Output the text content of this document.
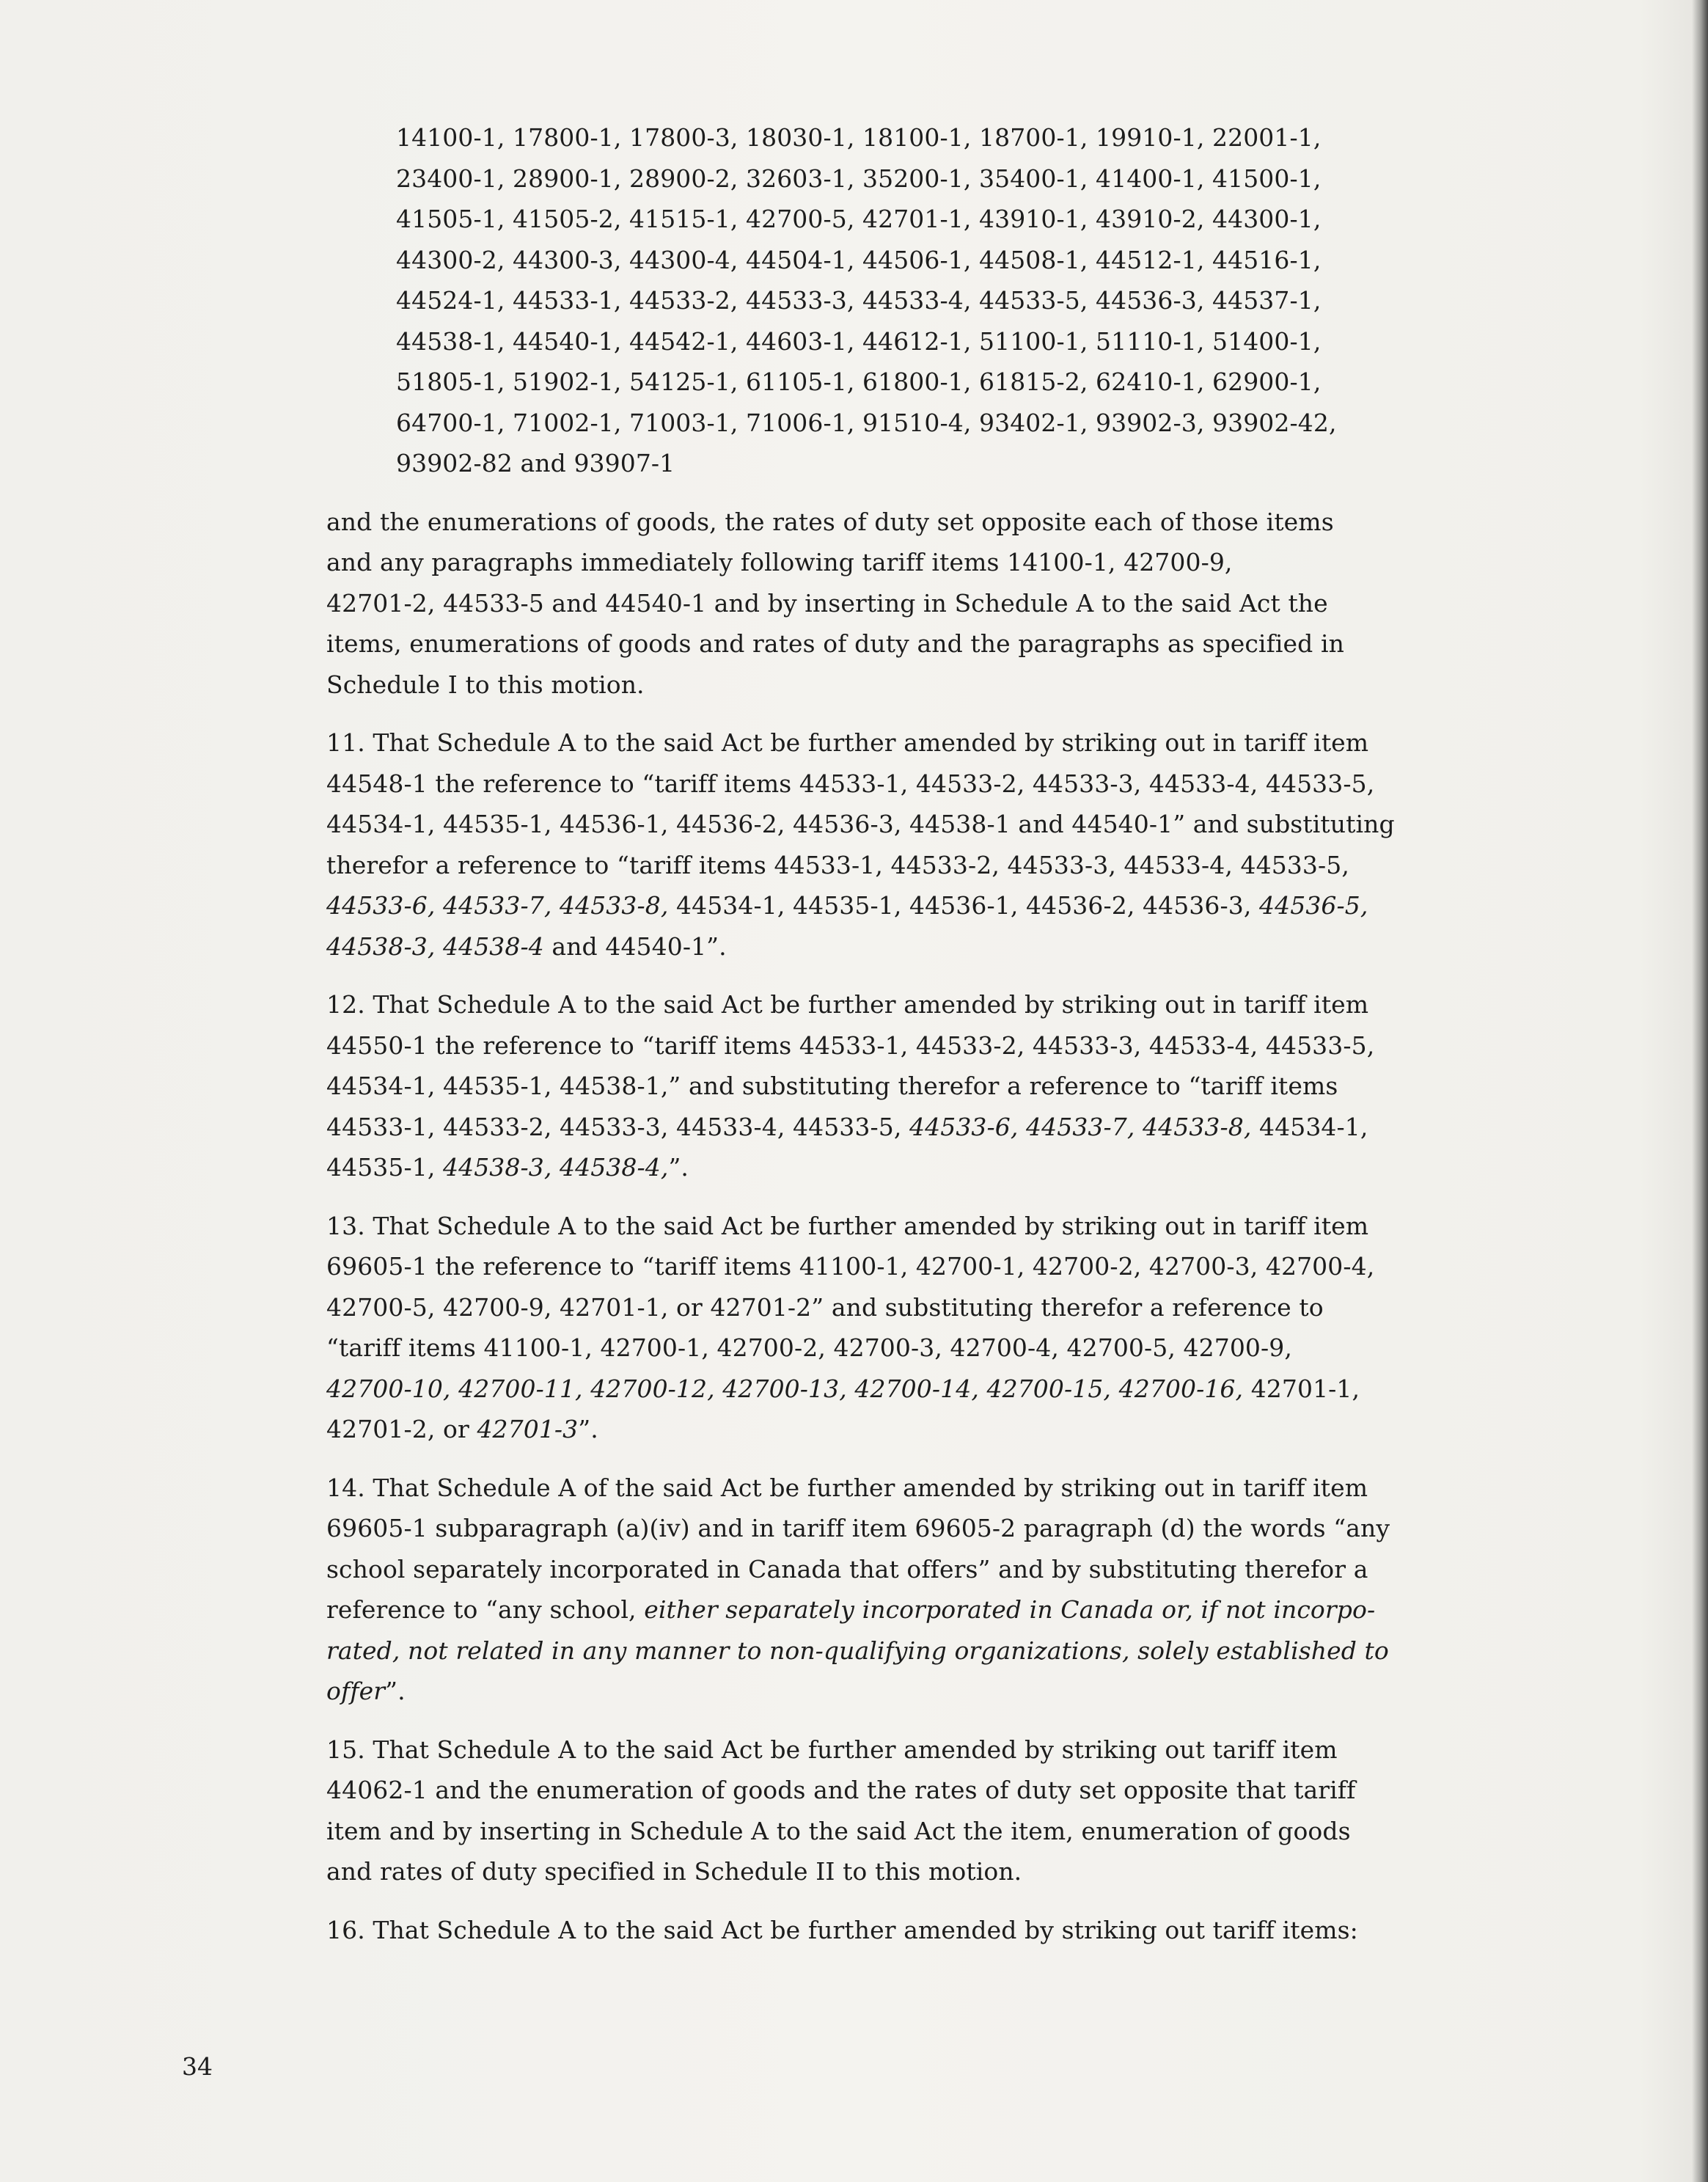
14100-1, 17800-1, 17800-3, 18030-1, 18100-1, 18700-1, 19910-1, 22001-1,
23400-1, 28900-1, 28900-2, 32603-1, 35200-1, 35400-1, 41400-1, 41500-1,
41505-1, 41505-2, 41515-1, 42700-5, 42701-1, 43910-1, 43910-2, 44300-1,
44300-2, 44300-3, 44300-4, 44504-1, 44506-1, 44508-1, 44512-1, 44516-1,
44524-1, 44533-1, 44533-2, 44533-3, 44533-4, 44533-5, 44536-3, 44537-1,
44538-1, 44540-1, 44542-1, 44603-1, 44612-1, 51100-1, 51110-1, 51400-1,
51805-1, 51902-1, 54125-1, 61105-1, 61800-1, 61815-2, 62410-1, 62900-1,
64700-1, 71002-1, 71003-1, 71006-1, 91510-4, 93402-1, 93902-3, 93902-42,
93902-82 and 93907-1
and the enumerations of goods, the rates of duty set opposite each of those items
and any paragraphs immediately following tariff items 14100-1, 42700-9,
42701-2, 44533-5 and 44540-1 and by inserting in Schedule A to the said Act the
items, enumerations of goods and rates of duty and the paragraphs as specified in
Schedule I to this motion.
11. That Schedule A to the said Act be further amended by striking out in tariff item
44548-1 the reference to “tariff items 44533-1, 44533-2, 44533-3, 44533-4, 44533-5,
44534-1, 44535-1, 44536-1, 44536-2, 44536-3, 44538-1 and 44540-1” and substituting
therefor a reference to “tariff items 44533-1, 44533-2, 44533-3, 44533-4, 44533-5,
44533-6, 44533-7, 44533-8, 44534-1, 44535-1, 44536-1, 44536-2, 44536-3, 44536-5,
44538-3, 44538-4 and 44540-1”.
12. That Schedule A to the said Act be further amended by striking out in tariff item
44550-1 the reference to “tariff items 44533-1, 44533-2, 44533-3, 44533-4, 44533-5,
44534-1, 44535-1, 44538-1,” and substituting therefor a reference to “tariff items
44533-1, 44533-2, 44533-3, 44533-4, 44533-5, 44533-6, 44533-7, 44533-8, 44534-1,
44535-1, 44538-3, 44538-4,”.
13. That Schedule A to the said Act be further amended by striking out in tariff item
69605-1 the reference to “tariff items 41100-1, 42700-1, 42700-2, 42700-3, 42700-4,
42700-5, 42700-9, 42701-1, or 42701-2” and substituting therefor a reference to
“tariff items 41100-1, 42700-1, 42700-2, 42700-3, 42700-4, 42700-5, 42700-9,
42700-10, 42700-11, 42700-12, 42700-13, 42700-14, 42700-15, 42700-16, 42701-1,
42701-2, or 42701-3”.
14. That Schedule A of the said Act be further amended by striking out in tariff item
69605-1 subparagraph (a)(iv) and in tariff item 69605-2 paragraph (d) the words “any
school separately incorporated in Canada that offers” and by substituting therefor a
reference to “any school, either separately incorporated in Canada or, if not incorpo-
rated, not related in any manner to non-qualifying organizations, solely established to
offer”.
15. That Schedule A to the said Act be further amended by striking out tariff item
44062-1 and the enumeration of goods and the rates of duty set opposite that tariff
item and by inserting in Schedule A to the said Act the item, enumeration of goods
and rates of duty specified in Schedule II to this motion.
16. That Schedule A to the said Act be further amended by striking out tariff items:
34
